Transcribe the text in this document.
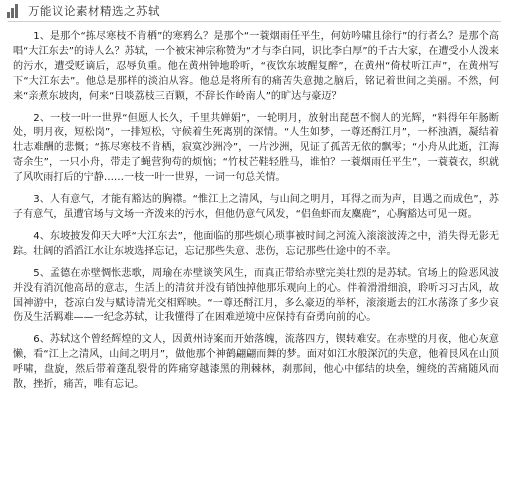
万能议论素材精选之苏轼

1、是那个“拣尽寒枝不肯栖”的寒鸦么？是那个“一蓑烟雨任平生，何妨吟啸且徐行”的行者么？是那个高唱“大江东去”的诗人么？苏轼，一个被宋神宗称赞为“才与李白同，识比李白厚”的千古大家，在遭受小人泼来的污水，遭受贬谪后，忍辱负重。他在黄州钟地聆听，“夜饮东坡醒复醉”，在黄州“倚杖听江声”，在黄州写下“大江东去”。他总是那样的淡泊从容。他总是将所有的痛苦失意抛之脑后，铭记着世间之美丽。不然，何来“亲煮东坡肉，何来“日啖荔枝三百颗，不辞长作岭南人”的旷达与豪迈？

2、一枝一叶一世界“但愿人长久，千里共婵娟”，一轮明月，放射出琵琶不悯人的光辉，“料得年年肠断处，明月夜，短松岗”，一排短松，守候着生死离别的深情。“人生如梦，一尊还酹江月”，一杯浊酒，凝结着壮志难酬的悲慨；“拣尽寒枝不肯栖，寂寞沙洲冷”，一片沙洲，见证了孤苦无依的飘零；“小舟从此逝，江海寄余生”，一只小舟，带走了蝇营狗苟的烦恼；“竹杖芒鞋轻胜马，谁怕？一蓑烟雨任平生”，一蓑蓑衣，织就了风吹雨打后的宁静……一枝一叶一世界，一词一句总关情。

3、人有意气，才能有豁达的胸襟。“惟江上之清风，与山间之明月，耳得之而为声，目遇之而成色”，苏子有意气，虽遭官场与文场一齐泼来的污水，但他仍意气风发，“侣鱼虾而友麋鹿”，心胸豁达可见一斑。

4、东坡披发仰天大呼“大江东去”，他面临的那些烦心琐事被时间之河流入滚滚波涛之中，消失得无影无踪。壮阔的滔滔江水让东坡选择忘记，忘记那些失意、悲伤，忘记那些仕途中的不幸。

5、孟德在赤壁惆怅悲歌，周瑜在赤壁谈笑风生，而真正带给赤壁完美壮烈的是苏轼。官场上的险恶风波并没有消沉他高昂的意志，生活上的清贫并没有销蚀掉他那乐观向上的心。伴着滑滑细浪，聆听习习古风，故国神游中，苍凉白发与赋诗清光交相辉映。“一尊还酹江月，多么豪迈的举杯，滚滚逝去的江水荡涤了多少哀伤及生活羁难——一纪念苏轼，让我懂得了在困难逆境中应保持有奋勇向前的心。

6、苏轼这个曾经辉煌的文人，因黄州诗案而开始落魄，流落四方，锲转难安。在赤壁的月夜，他心灰意懒，看“江上之清风，山间之明月”，做他那个神鹤翩翩而舞的梦。面对如江水般深沉的失意，他着艮风在山顶呼啸，盘旋，然后带着蓬乱裂骨的阵痛穿越漆黑的荆棘林，刹那间，他心中郁结的块垒，缠绕的苦痛随风而散，挫折，痛苦，唯有忘记。
